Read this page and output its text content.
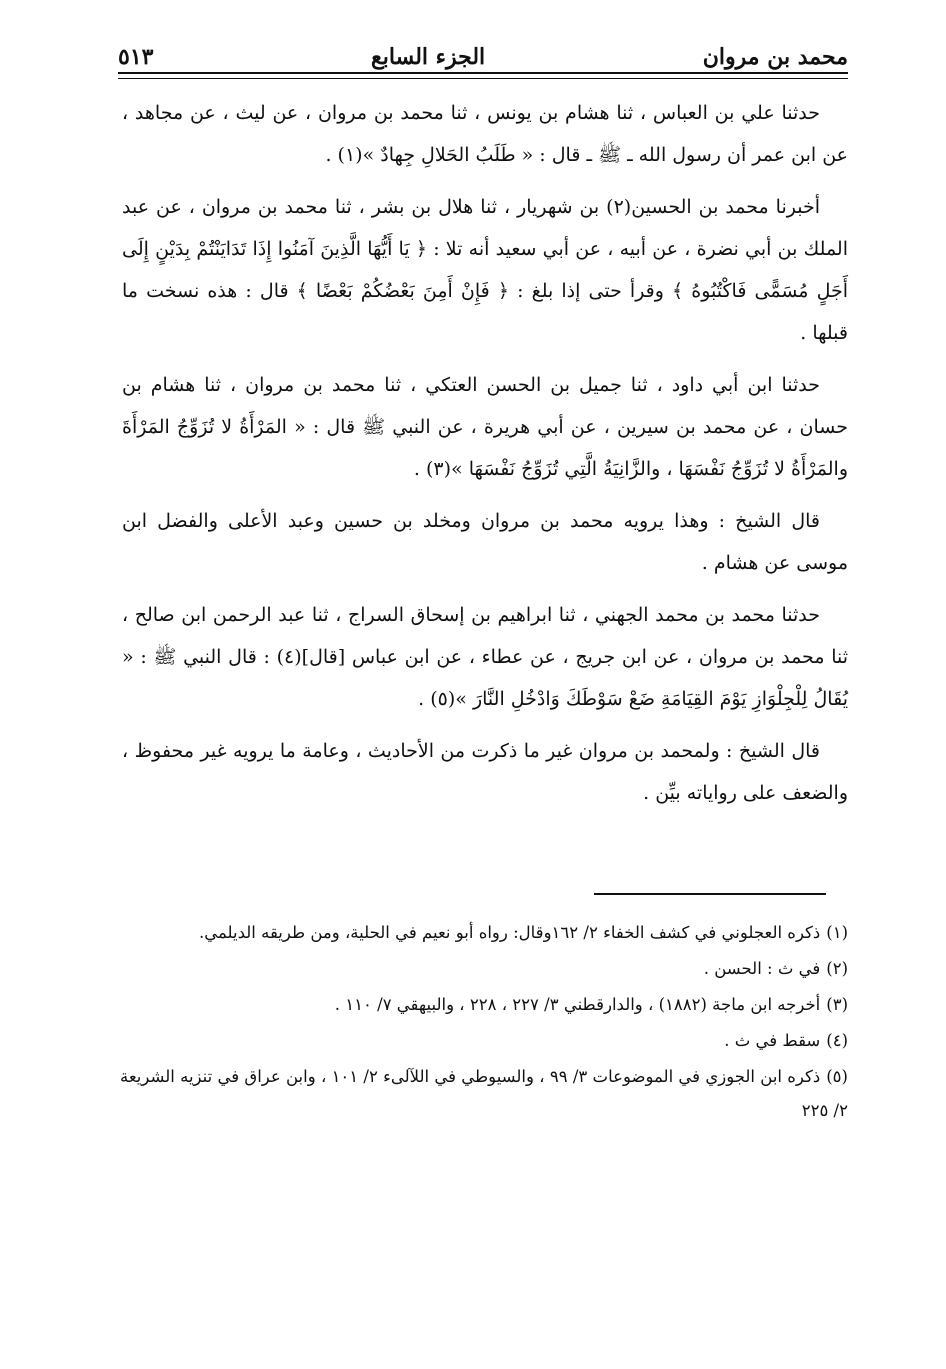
محمد بن مروان
الجزء السابع
٥١٣

حدثنا علي بن العباس ، ثنا هشام بن يونس ، ثنا محمد بن مروان ، عن ليث ، عن مجاهد ، عن ابن عمر أن رسول الله ـ ﷺ ـ قال : « طَلَبُ الحَلالِ جِهادٌ »(١) .

أخبرنا محمد بن الحسين(٢) بن شهريار ، ثنا هلال بن بشر ، ثنا محمد بن مروان ، عن عبد الملك بن أبي نضرة ، عن أبيه ، عن أبي سعيد أنه تلا : ﴿ يَا أَيُّهَا الَّذِينَ آمَنُوا إِذَا تَدَايَنْتُمْ بِدَيْنٍ إِلَى أَجَلٍ مُسَمًّى فَاكْتُبُوهُ ﴾ وقرأ حتى إذا بلغ : ﴿ فَإِنْ أَمِنَ بَعْضُكُمْ بَعْضًا ﴾ قال : هذه نسخت ما قبلها .

حدثنا ابن أبي داود ، ثنا جميل بن الحسن العتكي ، ثنا محمد بن مروان ، ثنا هشام بن حسان ، عن محمد بن سيرين ، عن أبي هريرة ، عن النبي ﷺ قال : « المَرْأَةُ لا تُزَوِّجُ المَرْأَةَ والمَرْأَةُ لا تُزَوِّجُ نَفْسَهَا ، والزَّانِيَةُ الَّتِي تُزَوِّجُ نَفْسَهَا »(٣) .

قال الشيخ : وهذا يرويه محمد بن مروان ومخلد بن حسين وعبد الأعلى والفضل ابن موسى عن هشام .

حدثنا محمد بن محمد الجهني ، ثنا ابراهيم بن إسحاق السراج ، ثنا عبد الرحمن ابن صالح ، ثنا محمد بن مروان ، عن ابن جريج ، عن عطاء ، عن ابن عباس [قال](٤) : قال النبي ﷺ : « يُقَالُ لِلْجِلْوَازِ يَوْمَ القِيَامَةِ ضَعْ سَوْطَكَ وَادْخُلِ النَّارَ »(٥) .

قال الشيخ : ولمحمد بن مروان غير ما ذكرت من الأحاديث ، وعامة ما يرويه غير محفوظ ، والضعف على رواياته بيِّن .

(١)ذكره العجلوني في كشف الخفاء ٢/ ١٦٢وقال: رواه أبو نعيم في الحلية، ومن طريقه الديلمي.

(٢)في ث : الحسن .

(٣)أخرجه ابن ماجة (١٨٨٢) ، والدارقطني ٣/ ٢٢٧ ، ٢٢٨ ، والبيهقي ٧/ ١١٠ .

(٤)سقط في ث .

(٥)ذكره ابن الجوزي في الموضوعات ٣/ ٩٩ ، والسيوطي في اللآلىء ٢/ ١٠١ ، وابن عراق في تنزيه الشريعة ٢/ ٢٢٥
